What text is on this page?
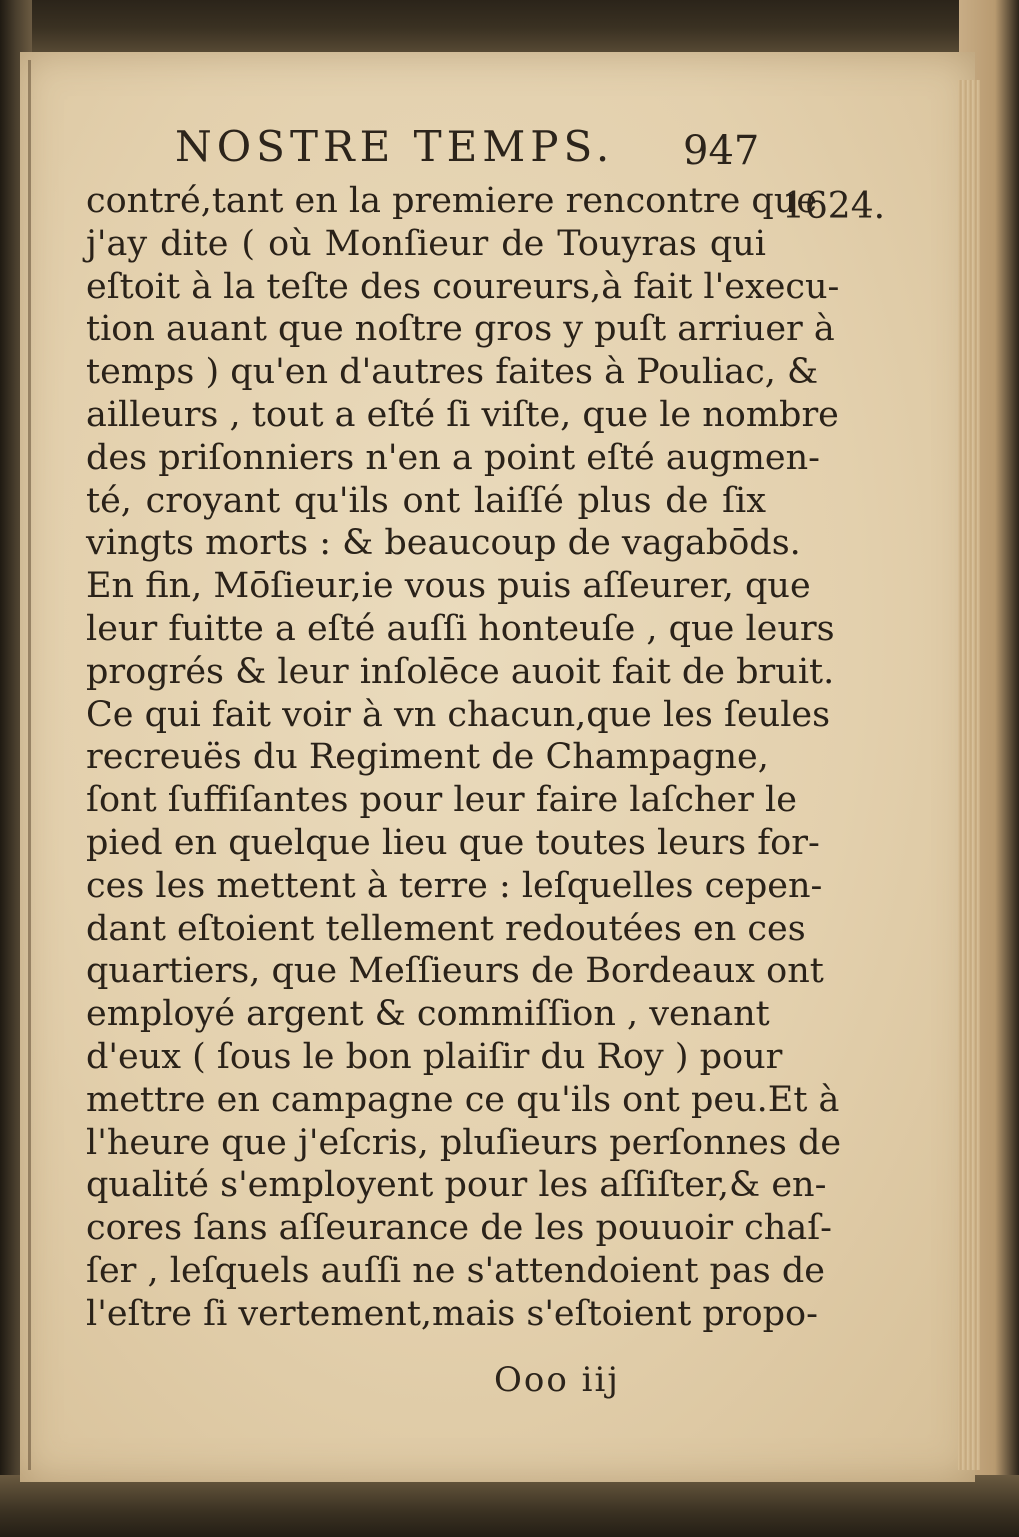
NOSTRE TEMPS. 947
1624.
contré,tant en la premiere rencontre que
j'ay dite ( où Monſieur de Touyras qui
eſtoit à la teſte des coureurs,à fait l'execu-
tion auant que noſtre gros y puſt arriuer à
temps ) qu'en d'autres faites à Pouliac, &
ailleurs , tout a eſté ſi viſte, que le nombre
des priſonniers n'en a point eſté augmen-
té, croyant qu'ils ont laiſſé plus de ſix
vingts morts : & beaucoup de vagabōds.
En fin, Mōſieur,ie vous puis aſſeurer, que
leur fuitte a eſté auſſi honteuſe , que leurs
progrés & leur inſolēce auoit fait de bruit.
Ce qui fait voir à vn chacun,que les ſeules
recreuës du Regiment de Champagne,
ſont ſuffiſantes pour leur faire laſcher le
pied en quelque lieu que toutes leurs for-
ces les mettent à terre : leſquelles cepen-
dant eſtoient tellement redoutées en ces
quartiers, que Meſſieurs de Bordeaux ont
employé argent & commiſſion , venant
d'eux ( ſous le bon plaiſir du Roy ) pour
mettre en campagne ce qu'ils ont peu.Et à
l'heure que j'eſcris, pluſieurs perſonnes de
qualité s'employent pour les aſſiſter,& en-
cores ſans aſſeurance de les pouuoir chaſ-
ſer , leſquels auſſi ne s'attendoient pas de
l'eſtre ſi vertement,mais s'eſtoient propo-
Ooo iij
